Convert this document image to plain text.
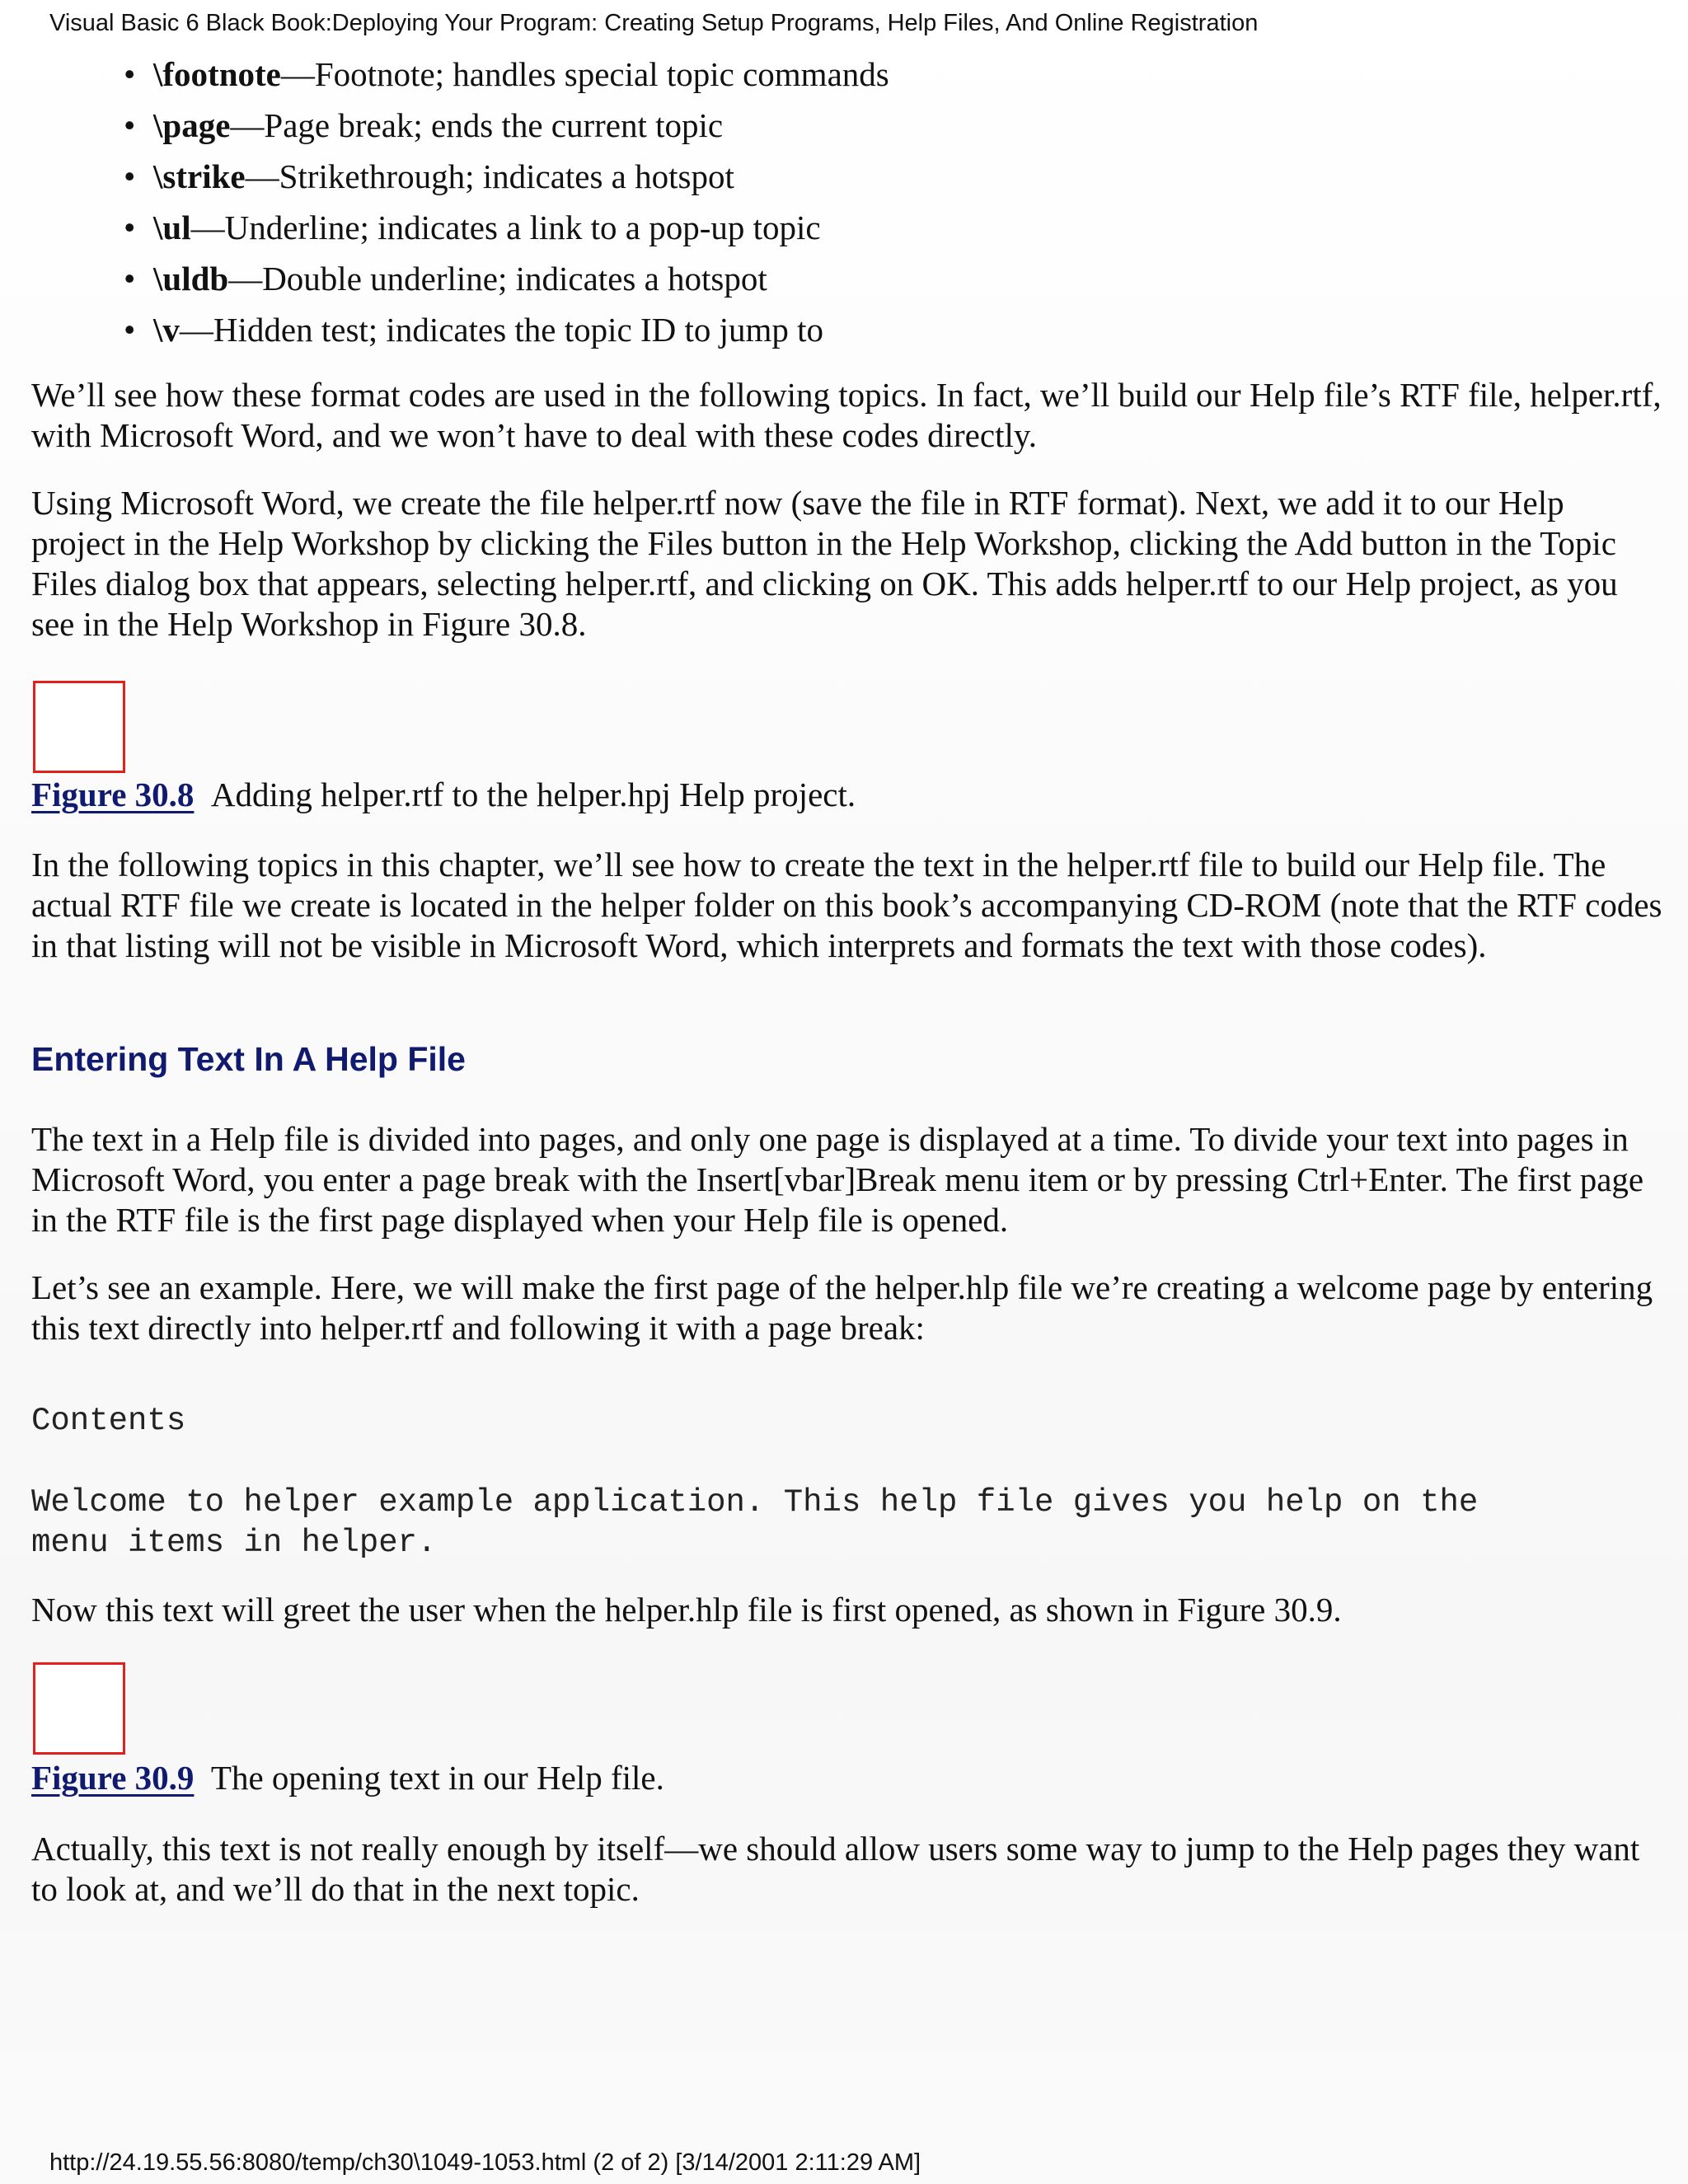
Visual Basic 6 Black Book:Deploying Your Program: Creating Setup Programs, Help Files, And Online Registration
• \footnote—Footnote; handles special topic commands
• \page—Page break; ends the current topic
• \strike—Strikethrough; indicates a hotspot
• \ul—Underline; indicates a link to a pop-up topic
• \uldb—Double underline; indicates a hotspot
• \v—Hidden test; indicates the topic ID to jump to

We’ll see how these format codes are used in the following topics. In fact, we’ll build our Help file’s RTF file, helper.rtf, with Microsoft Word, and we won’t have to deal with these codes directly.

Using Microsoft Word, we create the file helper.rtf now (save the file in RTF format). Next, we add it to our Help project in the Help Workshop by clicking the Files button in the Help Workshop, clicking the Add button in the Topic Files dialog box that appears, selecting helper.rtf, and clicking on OK. This adds helper.rtf to our Help project, as you see in the Help Workshop in Figure 30.8.

Figure 30.8 Adding helper.rtf to the helper.hpj Help project.

In the following topics in this chapter, we’ll see how to create the text in the helper.rtf file to build our Help file. The actual RTF file we create is located in the helper folder on this book’s accompanying CD-ROM (note that the RTF codes in that listing will not be visible in Microsoft Word, which interprets and formats the text with those codes).

Entering Text In A Help File

The text in a Help file is divided into pages, and only one page is displayed at a time. To divide your text into pages in Microsoft Word, you enter a page break with the Insert[vbar]Break menu item or by pressing Ctrl+Enter. The first page in the RTF file is the first page displayed when your Help file is opened.

Let’s see an example. Here, we will make the first page of the helper.hlp file we’re creating a welcome page by entering this text directly into helper.rtf and following it with a page break:

Contents
Welcome to helper example application. This help file gives you help on the
menu items in helper.

Now this text will greet the user when the helper.hlp file is first opened, as shown in Figure 30.9.

Figure 30.9 The opening text in our Help file.

Actually, this text is not really enough by itself—we should allow users some way to jump to the Help pages they want to look at, and we’ll do that in the next topic.

http://24.19.55.56:8080/temp/ch30\1049-1053.html (2 of 2) [3/14/2001 2:11:29 AM]
